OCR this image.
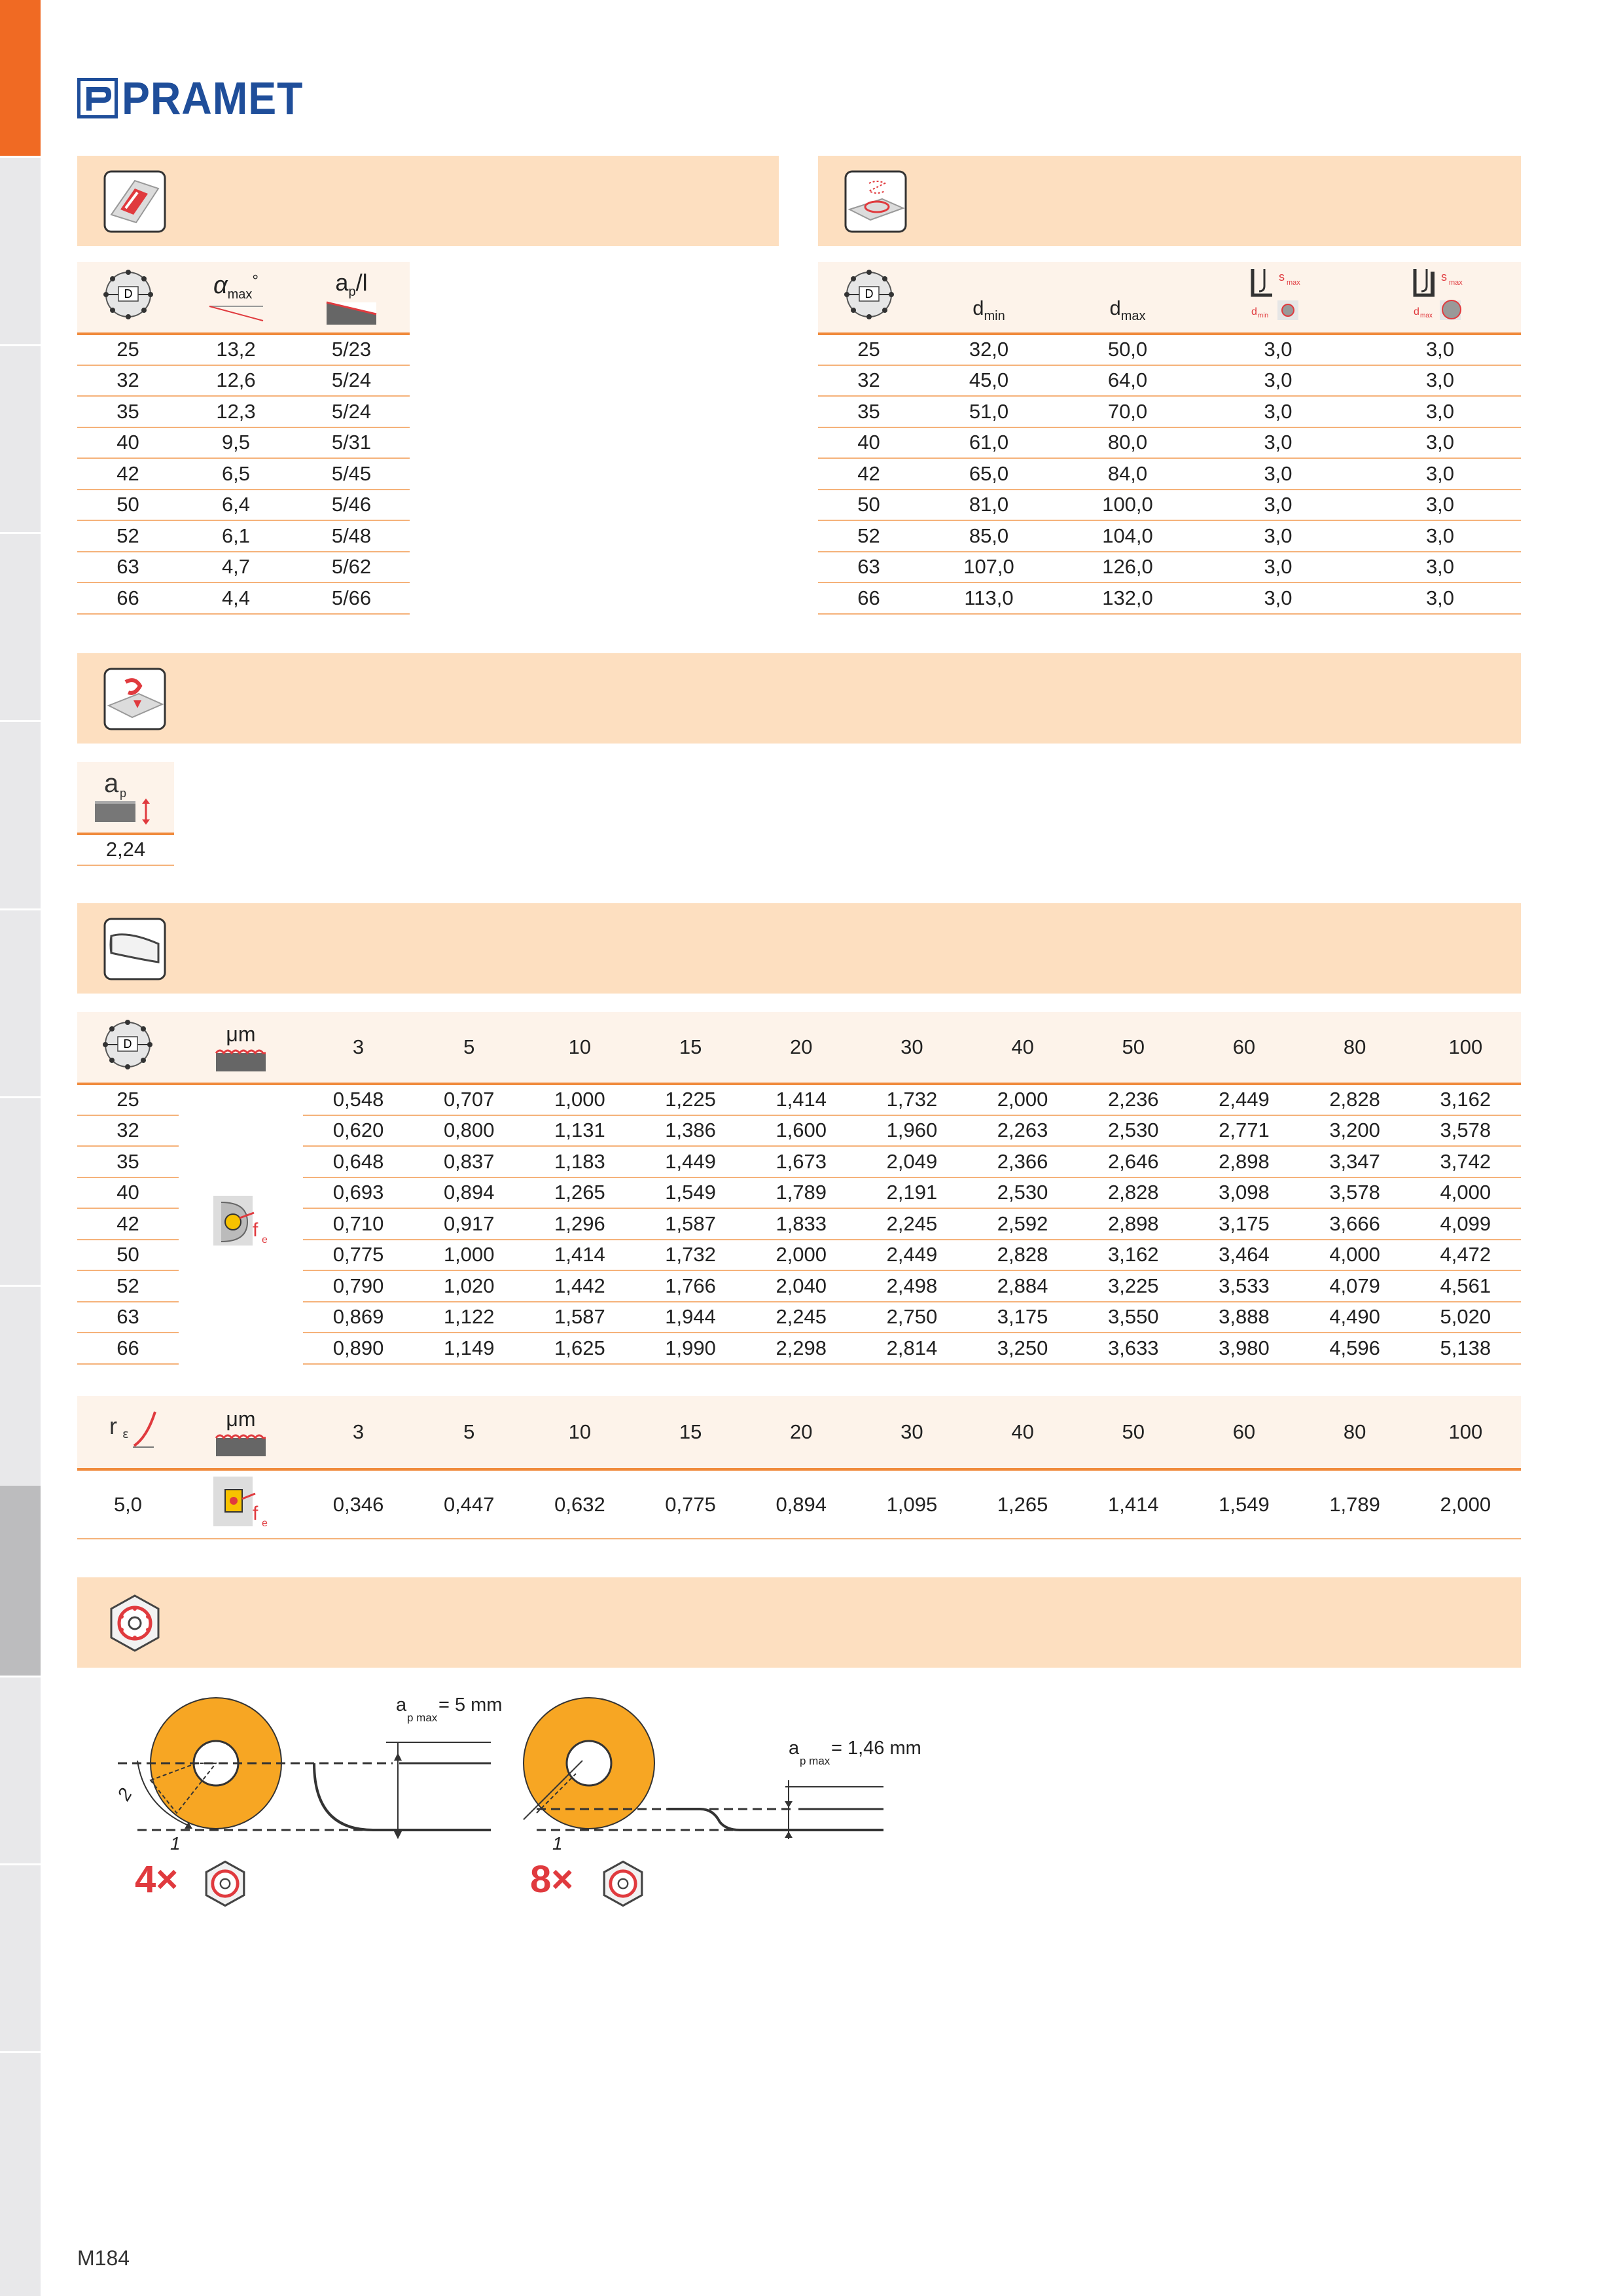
PRAMET
D	$\alpha_{max}^\circ$	$a_p/l$

25	13,2	5/23
32	12,6	5/24
35	12,3	5/24
40	9,5	5/31
42	6,5	5/45
50	6,4	5/46
52	6,1	5/48
63	4,7	5/62
66	4,4	5/66
D	$d_{min}$	$d_{max}$	s max
d min	s max
d max

25	32,0	50,0	3,0	3,0
32	45,0	64,0	3,0	3,0
35	51,0	70,0	3,0	3,0
40	61,0	80,0	3,0	3,0
42	65,0	84,0	3,0	3,0
50	81,0	100,0	3,0	3,0
52	85,0	104,0	3,0	3,0
63	107,0	126,0	3,0	3,0
66	113,0	132,0	3,0	3,0
a p

2,24
D	μm	3	5	10	15	20	30	40	50	60	80	100
25	f e	0,548	0,707	1,000	1,225	1,414	1,732	2,000	2,236	2,449	2,828	3,162
32		0,620	0,800	1,131	1,386	1,600	1,960	2,263	2,530	2,771	3,200	3,578
35		0,648	0,837	1,183	1,449	1,673	2,049	2,366	2,646	2,898	3,347	3,742
40		0,693	0,894	1,265	1,549	1,789	2,191	2,530	2,828	3,098	3,578	4,000
42		0,710	0,917	1,296	1,587	1,833	2,245	2,592	2,898	3,175	3,666	4,099
50		0,775	1,000	1,414	1,732	2,000	2,449	2,828	3,162	3,464	4,000	4,472
52		0,790	1,020	1,442	1,766	2,040	2,498	2,884	3,225	3,533	4,079	4,561
63		0,869	1,122	1,587	1,944	2,245	2,750	3,175	3,550	3,888	4,490	5,020
66		0,890	1,149	1,625	1,990	2,298	2,814	3,250	3,633	3,980	4,596	5,138
r ε	μm	3	5	10	15	20	30	40	50	60	80	100
5,0	f e	0,346	0,447	0,632	0,775	0,894	1,095	1,265	1,414	1,549	1,789	2,000
a
p max
= 5 mm
1
2
4×
a
p max
= 1,46 mm
1
8×
M184
